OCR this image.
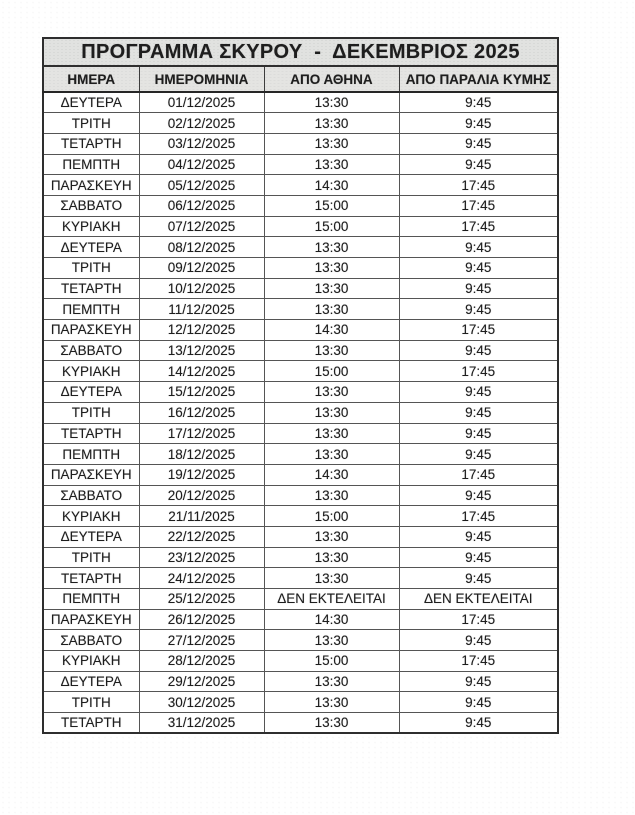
ΠΡΟΓΡΑΜΜΑ ΣΚΥΡΟΥ  -  ΔΕΚΕΜΒΡΙΟΣ 2025			
ΗΜΕΡΑ	ΗΜΕΡΟΜΗΝΙΑ	ΑΠΟ ΑΘΗΝΑ	ΑΠΟ ΠΑΡΑΛΙΑ ΚΥΜΗΣ
ΔΕΥΤΕΡΑ	01/12/2025	13:30	9:45
ΤΡΙΤΗ	02/12/2025	13:30	9:45
ΤΕΤΑΡΤΗ	03/12/2025	13:30	9:45
ΠΕΜΠΤΗ	04/12/2025	13:30	9:45
ΠΑΡΑΣΚΕΥΗ	05/12/2025	14:30	17:45
ΣΑΒΒΑΤΟ	06/12/2025	15:00	17:45
ΚΥΡΙΑΚΗ	07/12/2025	15:00	17:45
ΔΕΥΤΕΡΑ	08/12/2025	13:30	9:45
ΤΡΙΤΗ	09/12/2025	13:30	9:45
ΤΕΤΑΡΤΗ	10/12/2025	13:30	9:45
ΠΕΜΠΤΗ	11/12/2025	13:30	9:45
ΠΑΡΑΣΚΕΥΗ	12/12/2025	14:30	17:45
ΣΑΒΒΑΤΟ	13/12/2025	13:30	9:45
ΚΥΡΙΑΚΗ	14/12/2025	15:00	17:45
ΔΕΥΤΕΡΑ	15/12/2025	13:30	9:45
ΤΡΙΤΗ	16/12/2025	13:30	9:45
ΤΕΤΑΡΤΗ	17/12/2025	13:30	9:45
ΠΕΜΠΤΗ	18/12/2025	13:30	9:45
ΠΑΡΑΣΚΕΥΗ	19/12/2025	14:30	17:45
ΣΑΒΒΑΤΟ	20/12/2025	13:30	9:45
ΚΥΡΙΑΚΗ	21/11/2025	15:00	17:45
ΔΕΥΤΕΡΑ	22/12/2025	13:30	9:45
ΤΡΙΤΗ	23/12/2025	13:30	9:45
ΤΕΤΑΡΤΗ	24/12/2025	13:30	9:45
ΠΕΜΠΤΗ	25/12/2025	ΔΕΝ ΕΚΤΕΛΕΙΤΑΙ	ΔΕΝ ΕΚΤΕΛΕΙΤΑΙ
ΠΑΡΑΣΚΕΥΗ	26/12/2025	14:30	17:45
ΣΑΒΒΑΤΟ	27/12/2025	13:30	9:45
ΚΥΡΙΑΚΗ	28/12/2025	15:00	17:45
ΔΕΥΤΕΡΑ	29/12/2025	13:30	9:45
ΤΡΙΤΗ	30/12/2025	13:30	9:45
ΤΕΤΑΡΤΗ	31/12/2025	13:30	9:45
